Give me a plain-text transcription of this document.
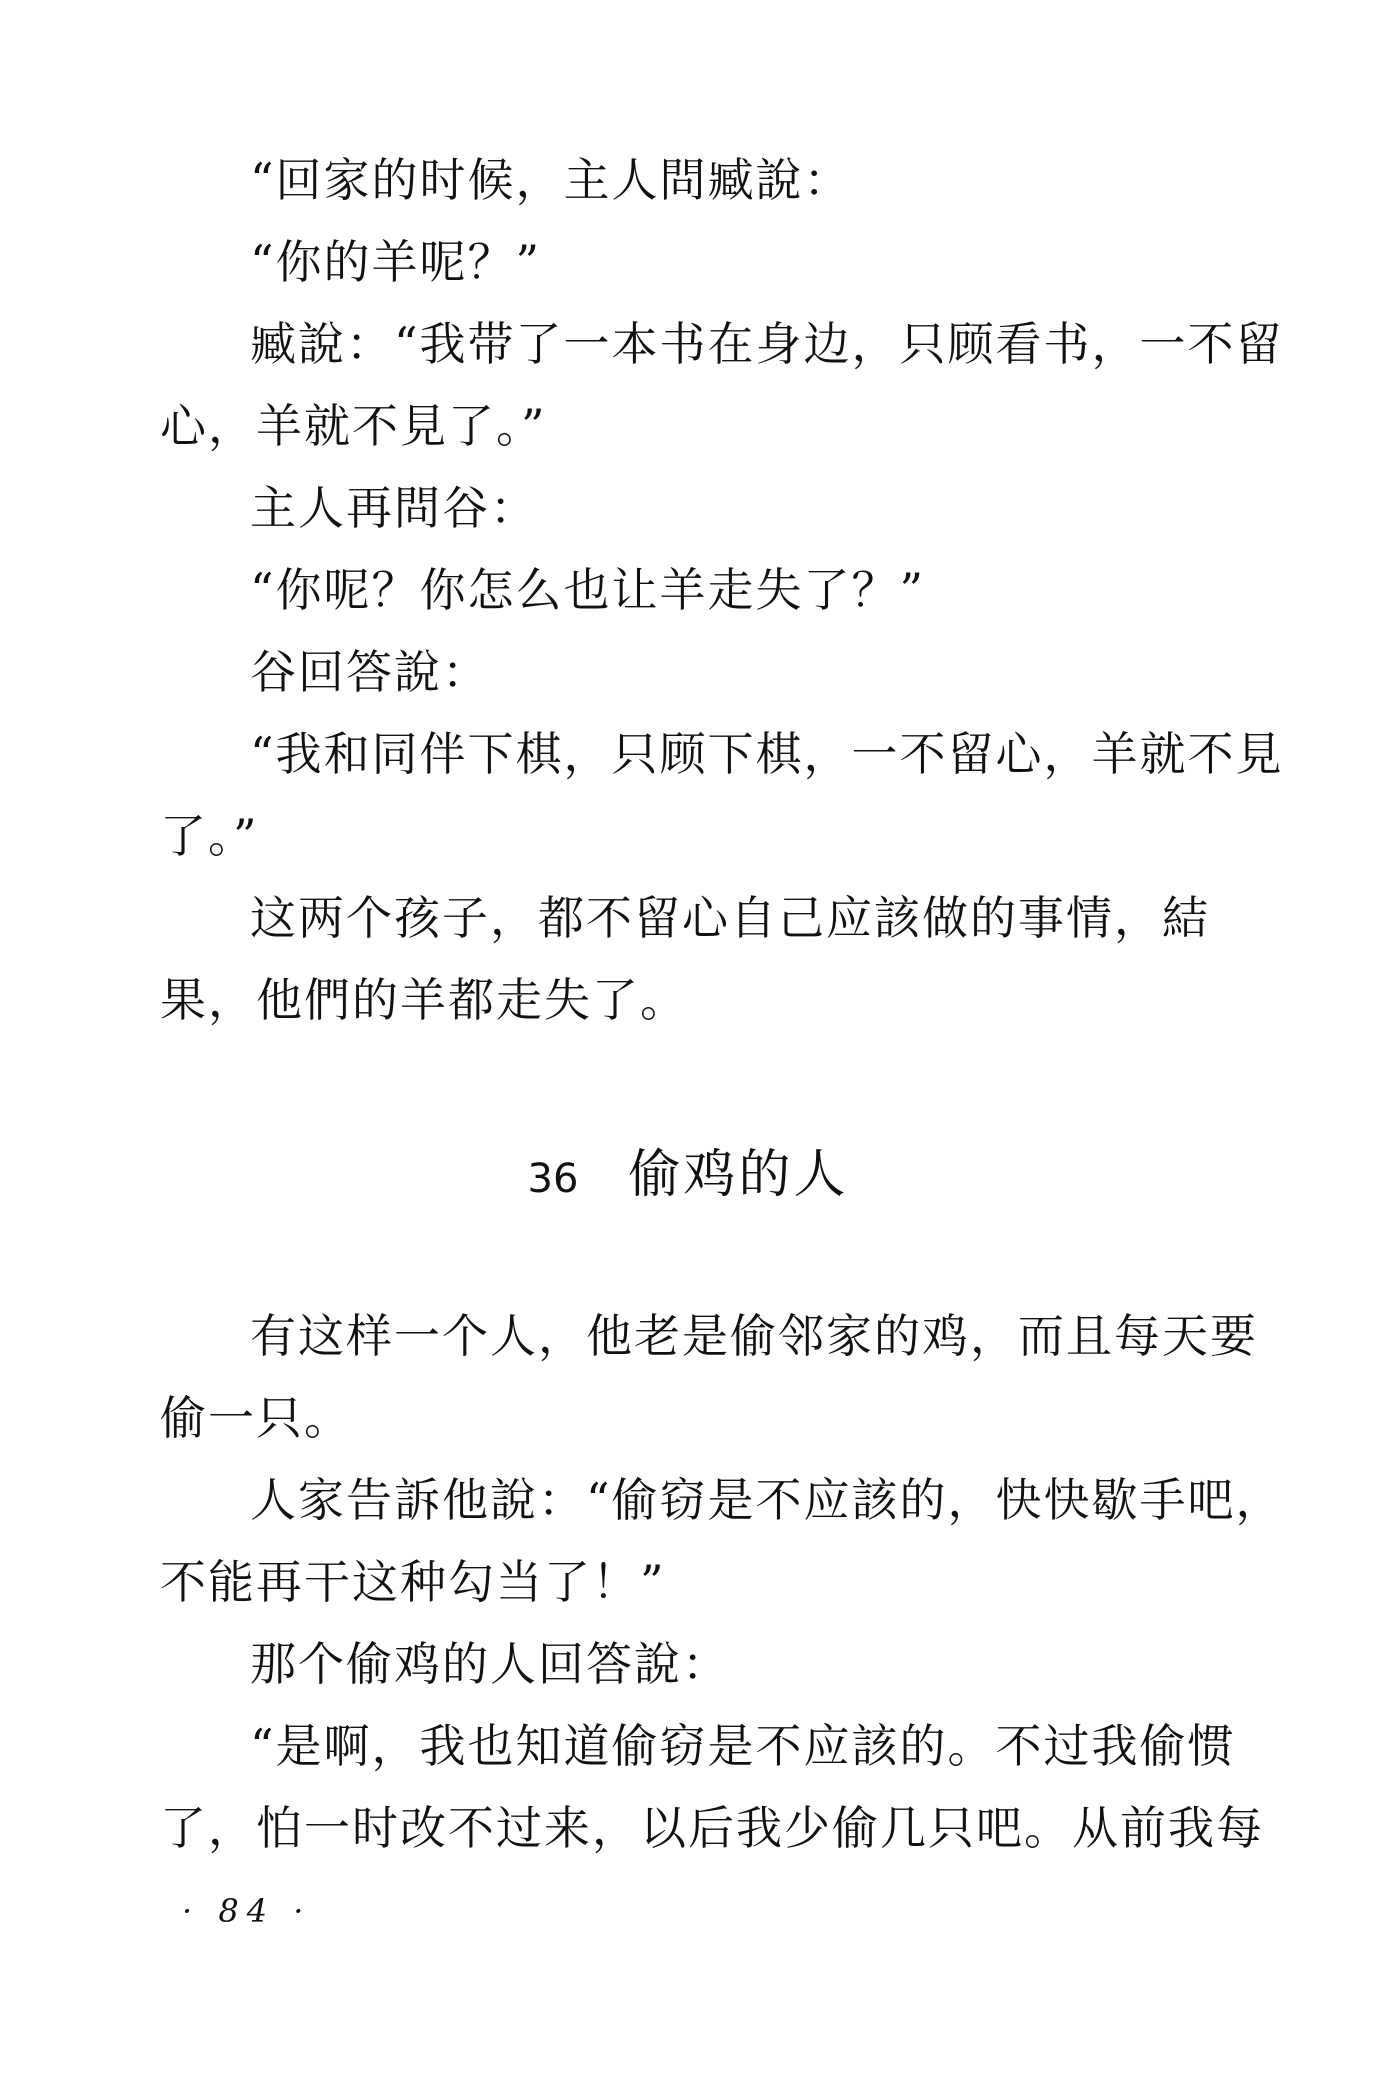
“回家的时候，主人問臧說：
“你的羊呢？”
臧說：“我带了一本书在身边，只顾看书，一不留
心，羊就不見了。”
主人再問谷：
“你呢？你怎么也让羊走失了？”
谷回答說：
“我和同伴下棋，只顾下棋，一不留心，羊就不見
了。”
这两个孩子，都不留心自己应該做的事情，結
果，他們的羊都走失了。
36 偷鸡的人
有这样一个人，他老是偷邻家的鸡，而且每天要
偷一只。
人家告訴他說：“偷窃是不应該的，快快歇手吧，
不能再干这种勾当了！”
那个偷鸡的人回答說：
“是啊，我也知道偷窃是不应該的。不过我偷惯
了，怕一时改不过来，以后我少偷几只吧。从前我每
· 84 ·
